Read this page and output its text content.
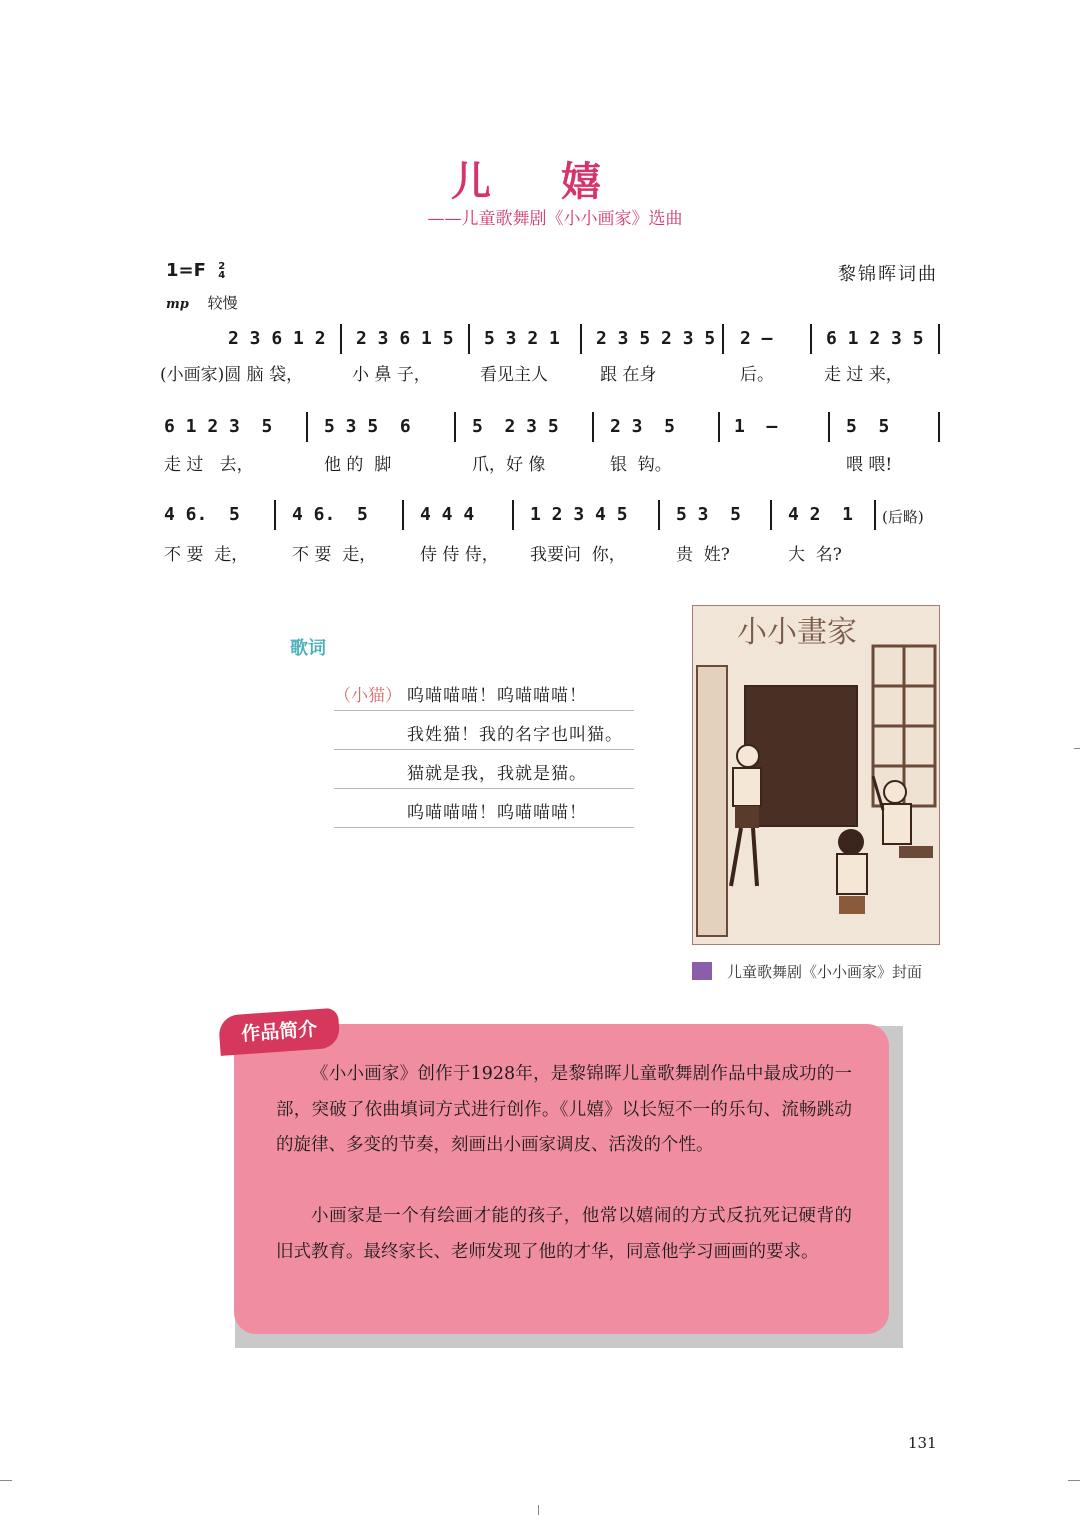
儿 嬉
——儿童歌舞剧《小小画家》选曲
1=F 2
4	黎锦晖词曲
mp 较慢
2 3 6 1 2 2 3 6 1 5 5 3 2 1 2 3 5 2 3 5 2 –	6 1 2 3 5

(小画家)圆 脑 袋，

	小 鼻 子，

	看见主人

	跟 在身

	后。

	走 过 来，

6 1 2 3  5	5 3 5  6	5  2 3 5	2 3  5	1  –	5  5

走 过   去，

	他 的  脚

	爪，好 像

	银  钩。

	喂 喂!

4 6.  5	4 6.  5	4 4 4	1 2 3 4 5	5 3  5	4 2  1 (后略)

不 要  走，

	不 要  走，

	侍 侍 侍，

我要问  你，

	贵  姓?

	大  名?

歌词
（小猫） 呜喵喵喵！呜喵喵喵！
我姓猫！我的名字也叫猫。
猫就是我，我就是猫。
呜喵喵喵！呜喵喵喵！
小小畫家
儿童歌舞剧《小小画家》封面
作品简介
《小小画家》创作于1928年，是黎锦晖儿童歌舞剧作品中最成功的一部，突破了依曲填词方式进行创作。《儿嬉》以长短不一的乐句、流畅跳动的旋律、多变的节奏，刻画出小画家调皮、活泼的个性。
小画家是一个有绘画才能的孩子，他常以嬉闹的方式反抗死记硬背的旧式教育。最终家长、老师发现了他的才华，同意他学习画画的要求。
131
